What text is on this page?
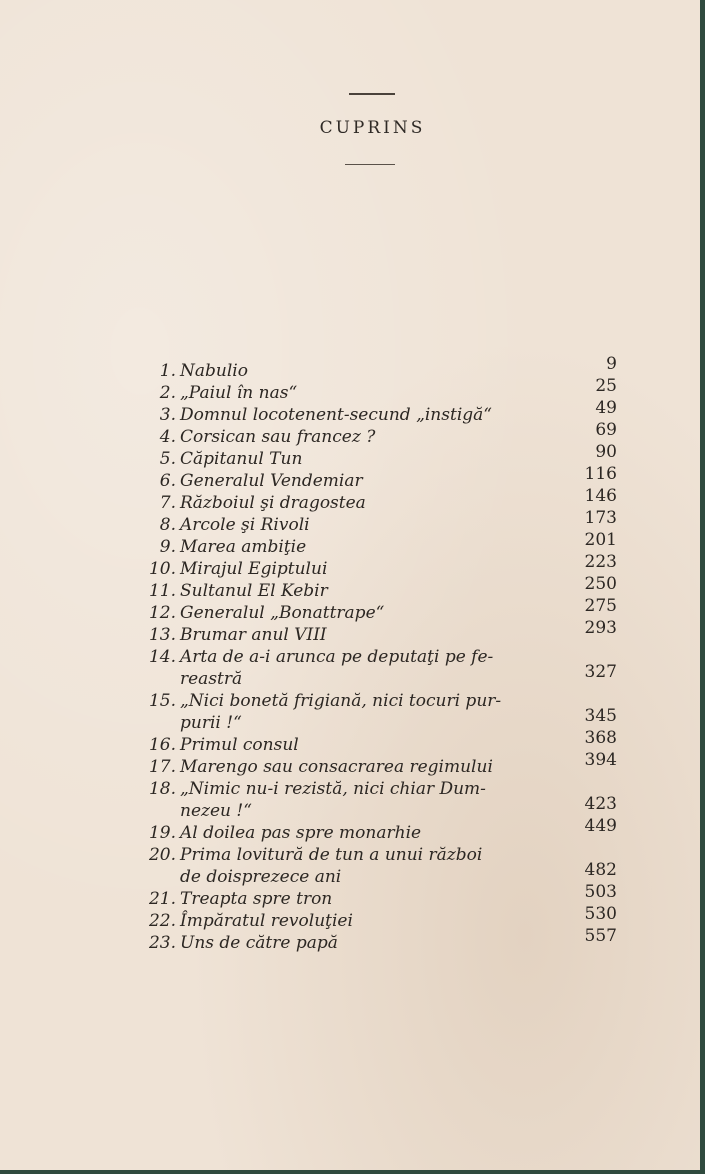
CUPRINS
1. Nabulio	9
2. „Paiul în nas“	25
3. Domnul locotenent-secund „instigă“	49
4. Corsican sau francez ?	69
5. Căpitanul Tun	90
6. Generalul Vendemiar	116
7. Războiul şi dragostea	146
8. Arcole şi Rivoli	173
9. Marea ambiţie	201
10. Mirajul Egiptului	223
11. Sultanul El Kebir	250
12. Generalul „Bonattrape“	275
13. Brumar anul VIII	293
14. Arta de a-i arunca pe deputaţi pe fe-
reastră	327
15. „Nici bonetă frigiană, nici tocuri pur-
purii !“	345
16. Primul consul	368
17. Marengo sau consacrarea regimului	394
18. „Nimic nu-i rezistă, nici chiar Dum-
nezeu !“	423
19. Al doilea pas spre monarhie	449
20. Prima lovitură de tun a unui război
de doisprezece ani	482
21. Treapta spre tron	503
22. Împăratul revoluţiei	530
23. Uns de către papă	557
